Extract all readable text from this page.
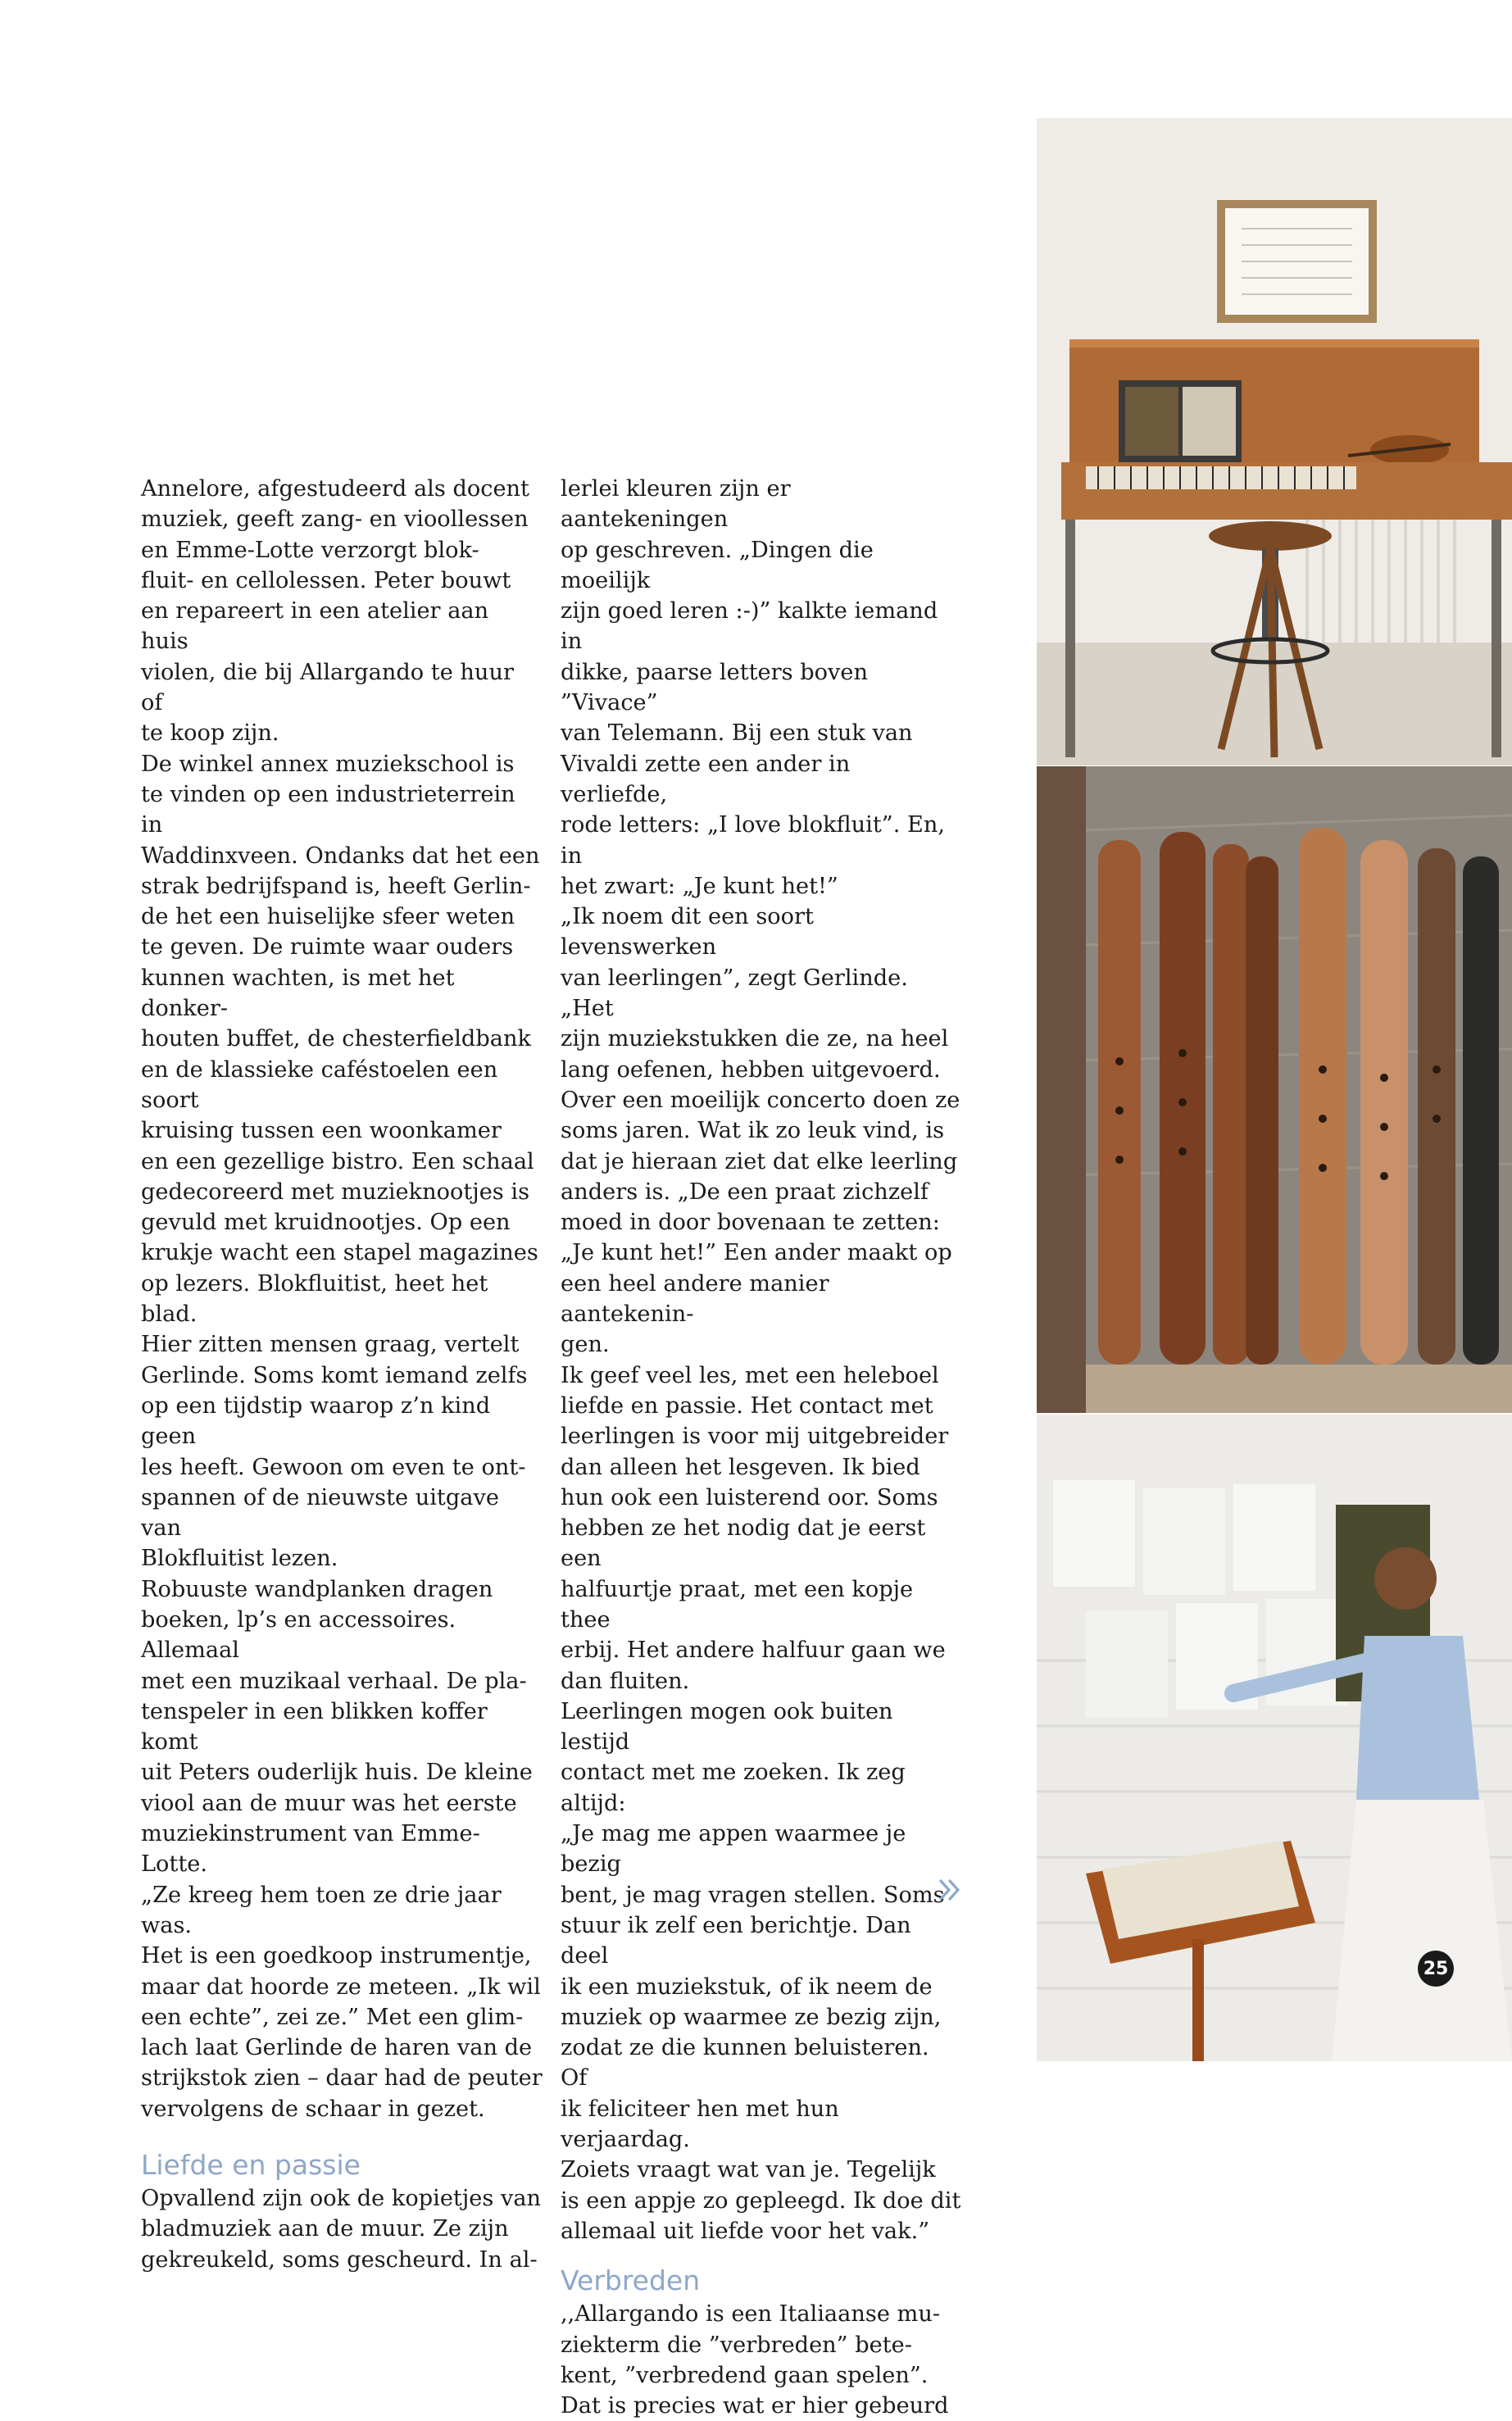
Annelore, afgestudeerd als docent
muziek, geeft zang- en vioollessen
en Emme-Lotte verzorgt blok-
fluit- en cellolessen. Peter bouwt
en repareert in een atelier aan huis
violen, die bij Allargando te huur of
te koop zijn.

De winkel annex muziekschool is
te vinden op een industrieterrein in
Waddinxveen. Ondanks dat het een
strak bedrijfspand is, heeft Gerlin-
de het een huiselijke sfeer weten
te geven. De ruimte waar ouders
kunnen wachten, is met het donker-
houten buffet, de chesterfieldbank
en de klassieke caféstoelen een soort
kruising tussen een woonkamer
en een gezellige bistro. Een schaal
gedecoreerd met muzieknootjes is
gevuld met kruidnootjes. Op een
krukje wacht een stapel magazines
op lezers. Blokfluitist, heet het blad.
Hier zitten mensen graag, vertelt
Gerlinde. Soms komt iemand zelfs
op een tijdstip waarop z’n kind geen
les heeft. Gewoon om even te ont-
spannen of de nieuwste uitgave van
Blokfluitist lezen.

Robuuste wandplanken dragen
boeken, lp’s en accessoires. Allemaal
met een muzikaal verhaal. De pla-
tenspeler in een blikken koffer komt
uit Peters ouderlijk huis. De kleine
viool aan de muur was het eerste
muziekinstrument van Emme-Lotte.
„Ze kreeg hem toen ze drie jaar was.
Het is een goedkoop instrumentje,
maar dat hoorde ze meteen. „Ik wil
een echte”, zei ze.” Met een glim-
lach laat Gerlinde de haren van de
strijkstok zien – daar had de peuter
vervolgens de schaar in gezet.

Liefde en passie

Opvallend zijn ook de kopietjes van
bladmuziek aan de muur. Ze zijn
gekreukeld, soms gescheurd. In al-

lerlei kleuren zijn er aantekeningen
op geschreven. „Dingen die moeilijk
zijn goed leren :-)” kalkte iemand in
dikke, paarse letters boven ”Vivace”
van Telemann. Bij een stuk van
Vivaldi zette een ander in verliefde,
rode letters: „I love blokfluit”. En, in
het zwart: „Je kunt het!”

„Ik noem dit een soort levenswerken
van leerlingen”, zegt Gerlinde. „Het
zijn muziekstukken die ze, na heel
lang oefenen, hebben uitgevoerd.
Over een moeilijk concerto doen ze
soms jaren. Wat ik zo leuk vind, is
dat je hieraan ziet dat elke leerling
anders is. „De een praat zichzelf
moed in door bovenaan te zetten:
„Je kunt het!” Een ander maakt op
een heel andere manier aantekenin-
gen.

Ik geef veel les, met een heleboel
liefde en passie. Het contact met
leerlingen is voor mij uitgebreider
dan alleen het lesgeven. Ik bied
hun ook een luisterend oor. Soms
hebben ze het nodig dat je eerst een
halfuurtje praat, met een kopje thee
erbij. Het andere halfuur gaan we
dan fluiten.

Leerlingen mogen ook buiten lestijd
contact met me zoeken. Ik zeg altijd:
„Je mag me appen waarmee je bezig
bent, je mag vragen stellen. Soms
stuur ik zelf een berichtje. Dan deel
ik een muziekstuk, of ik neem de
muziek op waarmee ze bezig zijn,
zodat ze die kunnen beluisteren. Of
ik feliciteer hen met hun verjaardag.
Zoiets vraagt wat van je. Tegelijk
is een appje zo gepleegd. Ik doe dit
allemaal uit liefde voor het vak.”

Verbreden

,,Allargando is een Italiaanse mu-
ziekterm die ”verbreden” bete-
kent, ”verbredend gaan spelen”.
Dat is precies wat er hier gebeurd

25
